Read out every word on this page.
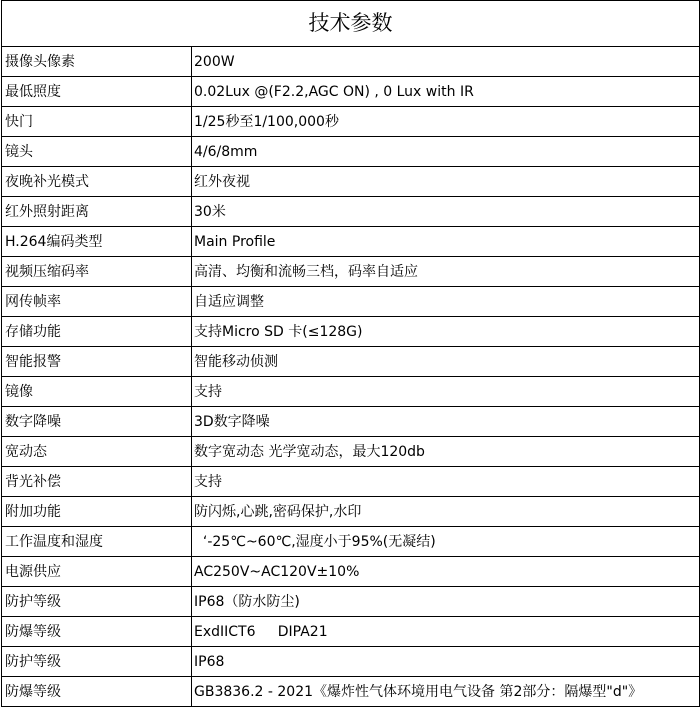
技术参数	
摄像头像素	200W
最低照度	0.02Lux @(F2.2,AGC ON) , 0 Lux with IR
快门	1/25秒至1/100,000秒
镜头	4/6/8mm
夜晚补光模式	红外夜视
红外照射距离	30米
H.264编码类型	Main Profile
视频压缩码率	高清、均衡和流畅三档，码率自适应
网传帧率	自适应调整
存储功能	支持Micro SD 卡(≤128G)
智能报警	智能移动侦测
镜像	支持
数字降噪	3D数字降噪
宽动态	数字宽动态 光学宽动态，最大120db
背光补偿	支持
附加功能	防闪烁,心跳,密码保护,水印
工作温度和湿度	‘-25℃~60℃,湿度小于95%(无凝结)
电源供应	AC250V~AC120V±10%
防护等级	IP68（防水防尘)
防爆等级	ExdIICT6     DIPA21
防护等级	IP68
防爆等级	GB3836.2 - 2021《爆炸性气体环境用电气设备 第2部分：隔爆型"d"》
